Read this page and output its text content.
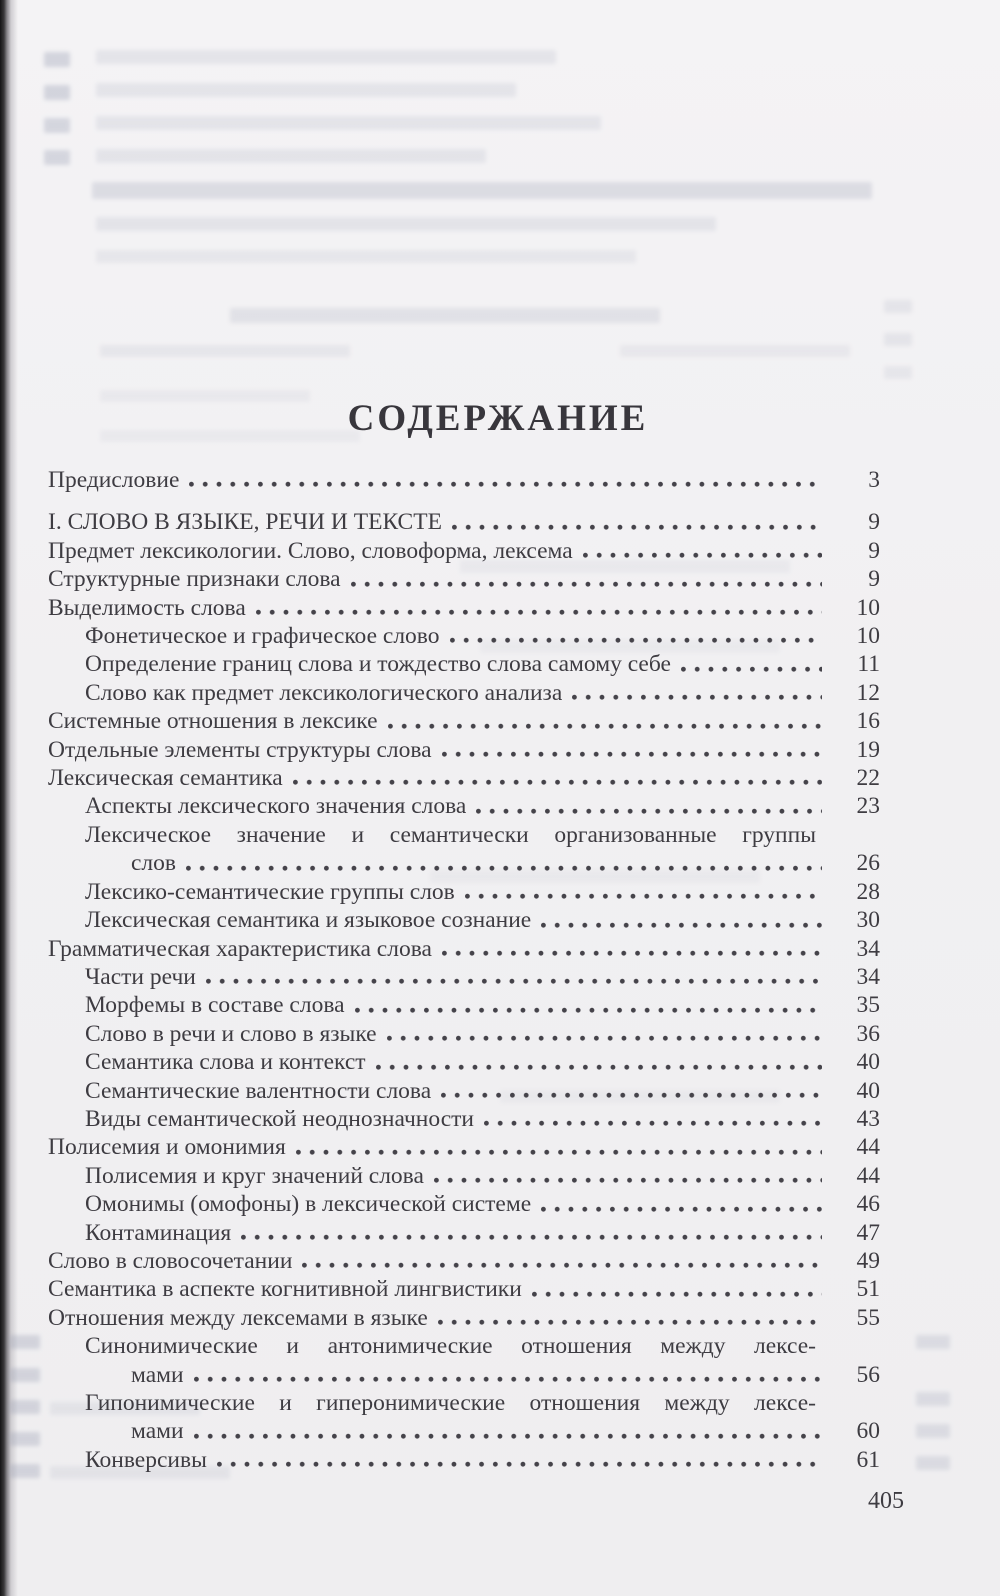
СОДЕРЖАНИЕ
Предисловие	3
I. СЛОВО В ЯЗЫКЕ, РЕЧИ И ТЕКСТЕ	9
Предмет лексикологии. Слово, словоформа, лексема	9
Структурные признаки слова	9
Выделимость слова	10
Фонетическое и графическое слово	10
Определение границ слова и тождество слова самому себе	11
Слово как предмет лексикологического анализа	12
Системные отношения в лексике	16
Отдельные элементы структуры слова	19
Лексическая семантика	22
Аспекты лексического значения слова	23
Лексическое значение и семантически организованные группы
слов	26
Лексико-семантические группы слов	28
Лексическая семантика и языковое сознание	30
Грамматическая характеристика слова	34
Части речи	34
Морфемы в составе слова	35
Слово в речи и слово в языке	36
Семантика слова и контекст	40
Семантические валентности слова	40
Виды семантической неоднозначности	43
Полисемия и омонимия	44
Полисемия и круг значений слова	44
Омонимы (омофоны) в лексической системе	46
Контаминация	47
Слово в словосочетании	49
Семантика в аспекте когнитивной лингвистики	51
Отношения между лексемами в языке	55
Синонимические и антонимические отношения между лексе-
мами	56
Гипонимические и гиперонимические отношения между лексе-
мами	60
Конверсивы	61
405
